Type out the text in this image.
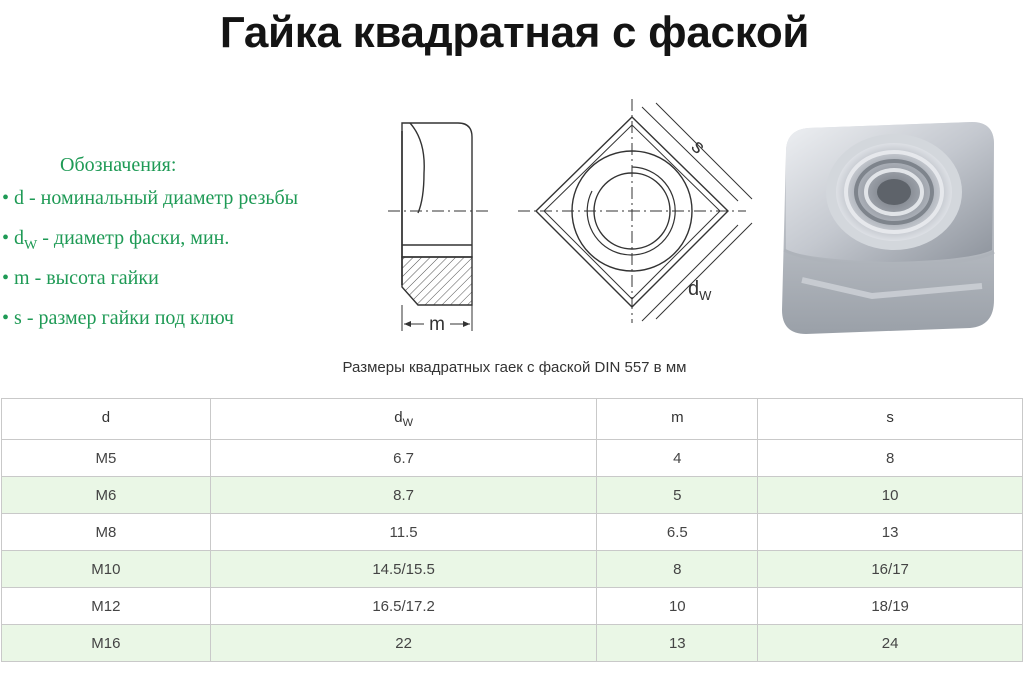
Гайка квадратная с фаской
Обозначения:
• d - номинальный диаметр резьбы
• $d_W$ - диаметр фаски, мин.
• m - высота гайки
• s - размер гайки под ключ	m
s
$d_W$
Размеры квадратных гаек с фаской DIN 557 в мм
d	$d_W$	m	s
M5	6.7	4	8
M6	8.7	5	10
M8	11.5	6.5	13
M10	14.5/15.5	8	16/17
M12	16.5/17.2	10	18/19
M16	22	13	24
